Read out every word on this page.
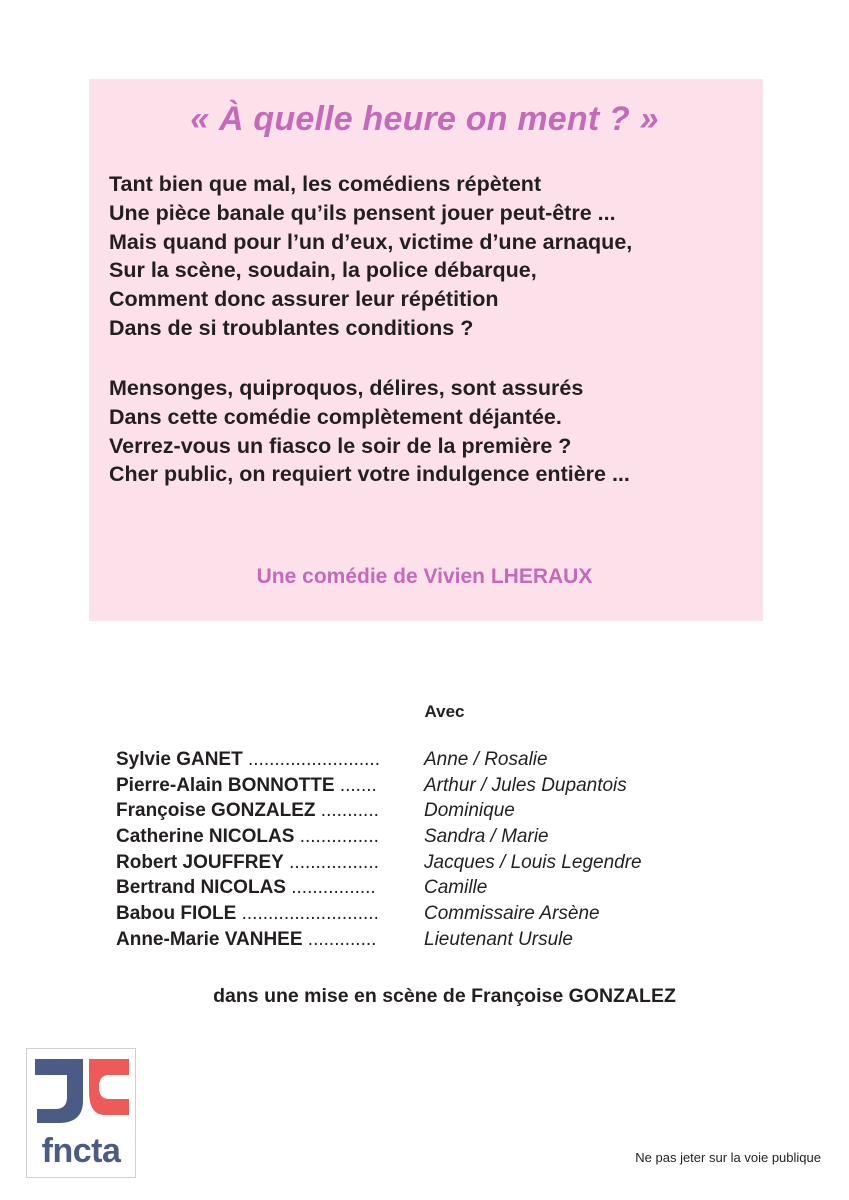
« À quelle heure on ment ? »
Tant bien que mal, les comédiens répètent
Une pièce banale qu’ils pensent jouer peut-être ...
Mais quand pour l’un d’eux, victime d’une arnaque,
Sur la scène, soudain, la police débarque,
Comment donc assurer leur répétition
Dans de si troublantes conditions ?
Mensonges, quiproquos, délires, sont assurés
Dans cette comédie complètement déjantée.
Verrez-vous un fiasco le soir de la première ?
Cher public, on requiert votre indulgence entière ...

Une comédie de Vivien LHERAUX

Avec

Sylvie GANET .........................	Anne / Rosalie
Pierre-Alain BONNOTTE .......	Arthur / Jules Dupantois
Françoise GONZALEZ ...........	Dominique
Catherine NICOLAS ...............	Sandra / Marie
Robert JOUFFREY .................	Jacques / Louis Legendre
Bertrand NICOLAS ................	Camille
Babou FIOLE ..........................	Commissaire Arsène
Anne-Marie VANHEE .............	Lieutenant Ursule

dans une mise en scène de Françoise GONZALEZ

fncta	Ne pas jeter sur la voie publique
